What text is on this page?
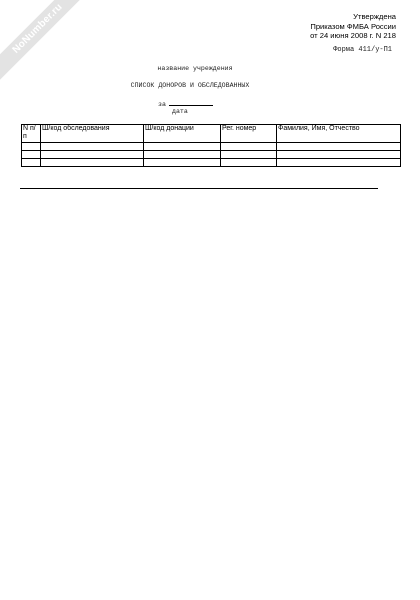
NoNumber.ru	Утверждена
Приказом ФМБА России
от 24 июня 2008 г. N 218
Форма 411/у-П1
название учреждения
СПИСОК ДОНОРОВ И ОБСЛЕДОВАННЫХ
за
дата
N п/п	Ш/код обследования	Ш/код донации	Рег. номер	Фамилия, Имя, Отчество
